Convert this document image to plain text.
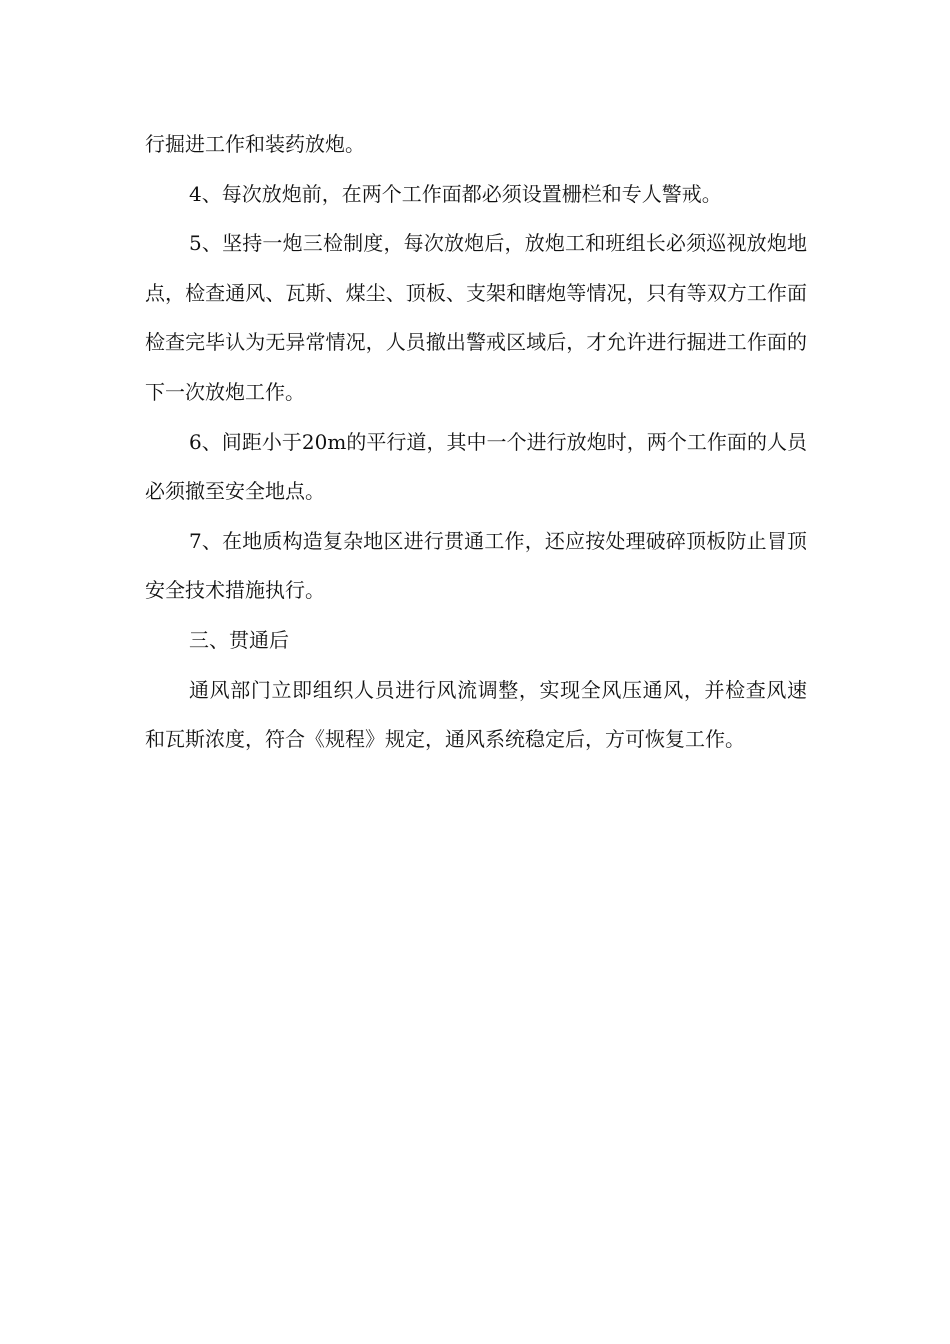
行掘进工作和装药放炮。

4、每次放炮前，在两个工作面都必须设置栅栏和专人警戒。

5、坚持一炮三检制度，每次放炮后，放炮工和班组长必须巡视放炮地点，检查通风、瓦斯、煤尘、顶板、支架和瞎炮等情况，只有等双方工作面检查完毕认为无异常情况，人员撤出警戒区域后，才允许进行掘进工作面的下一次放炮工作。

6、间距小于20m的平行道，其中一个进行放炮时，两个工作面的人员必须撤至安全地点。

7、在地质构造复杂地区进行贯通工作，还应按处理破碎顶板防止冒顶安全技术措施执行。

三、贯通后

通风部门立即组织人员进行风流调整，实现全风压通风，并检查风速和瓦斯浓度，符合《规程》规定，通风系统稳定后，方可恢复工作。
